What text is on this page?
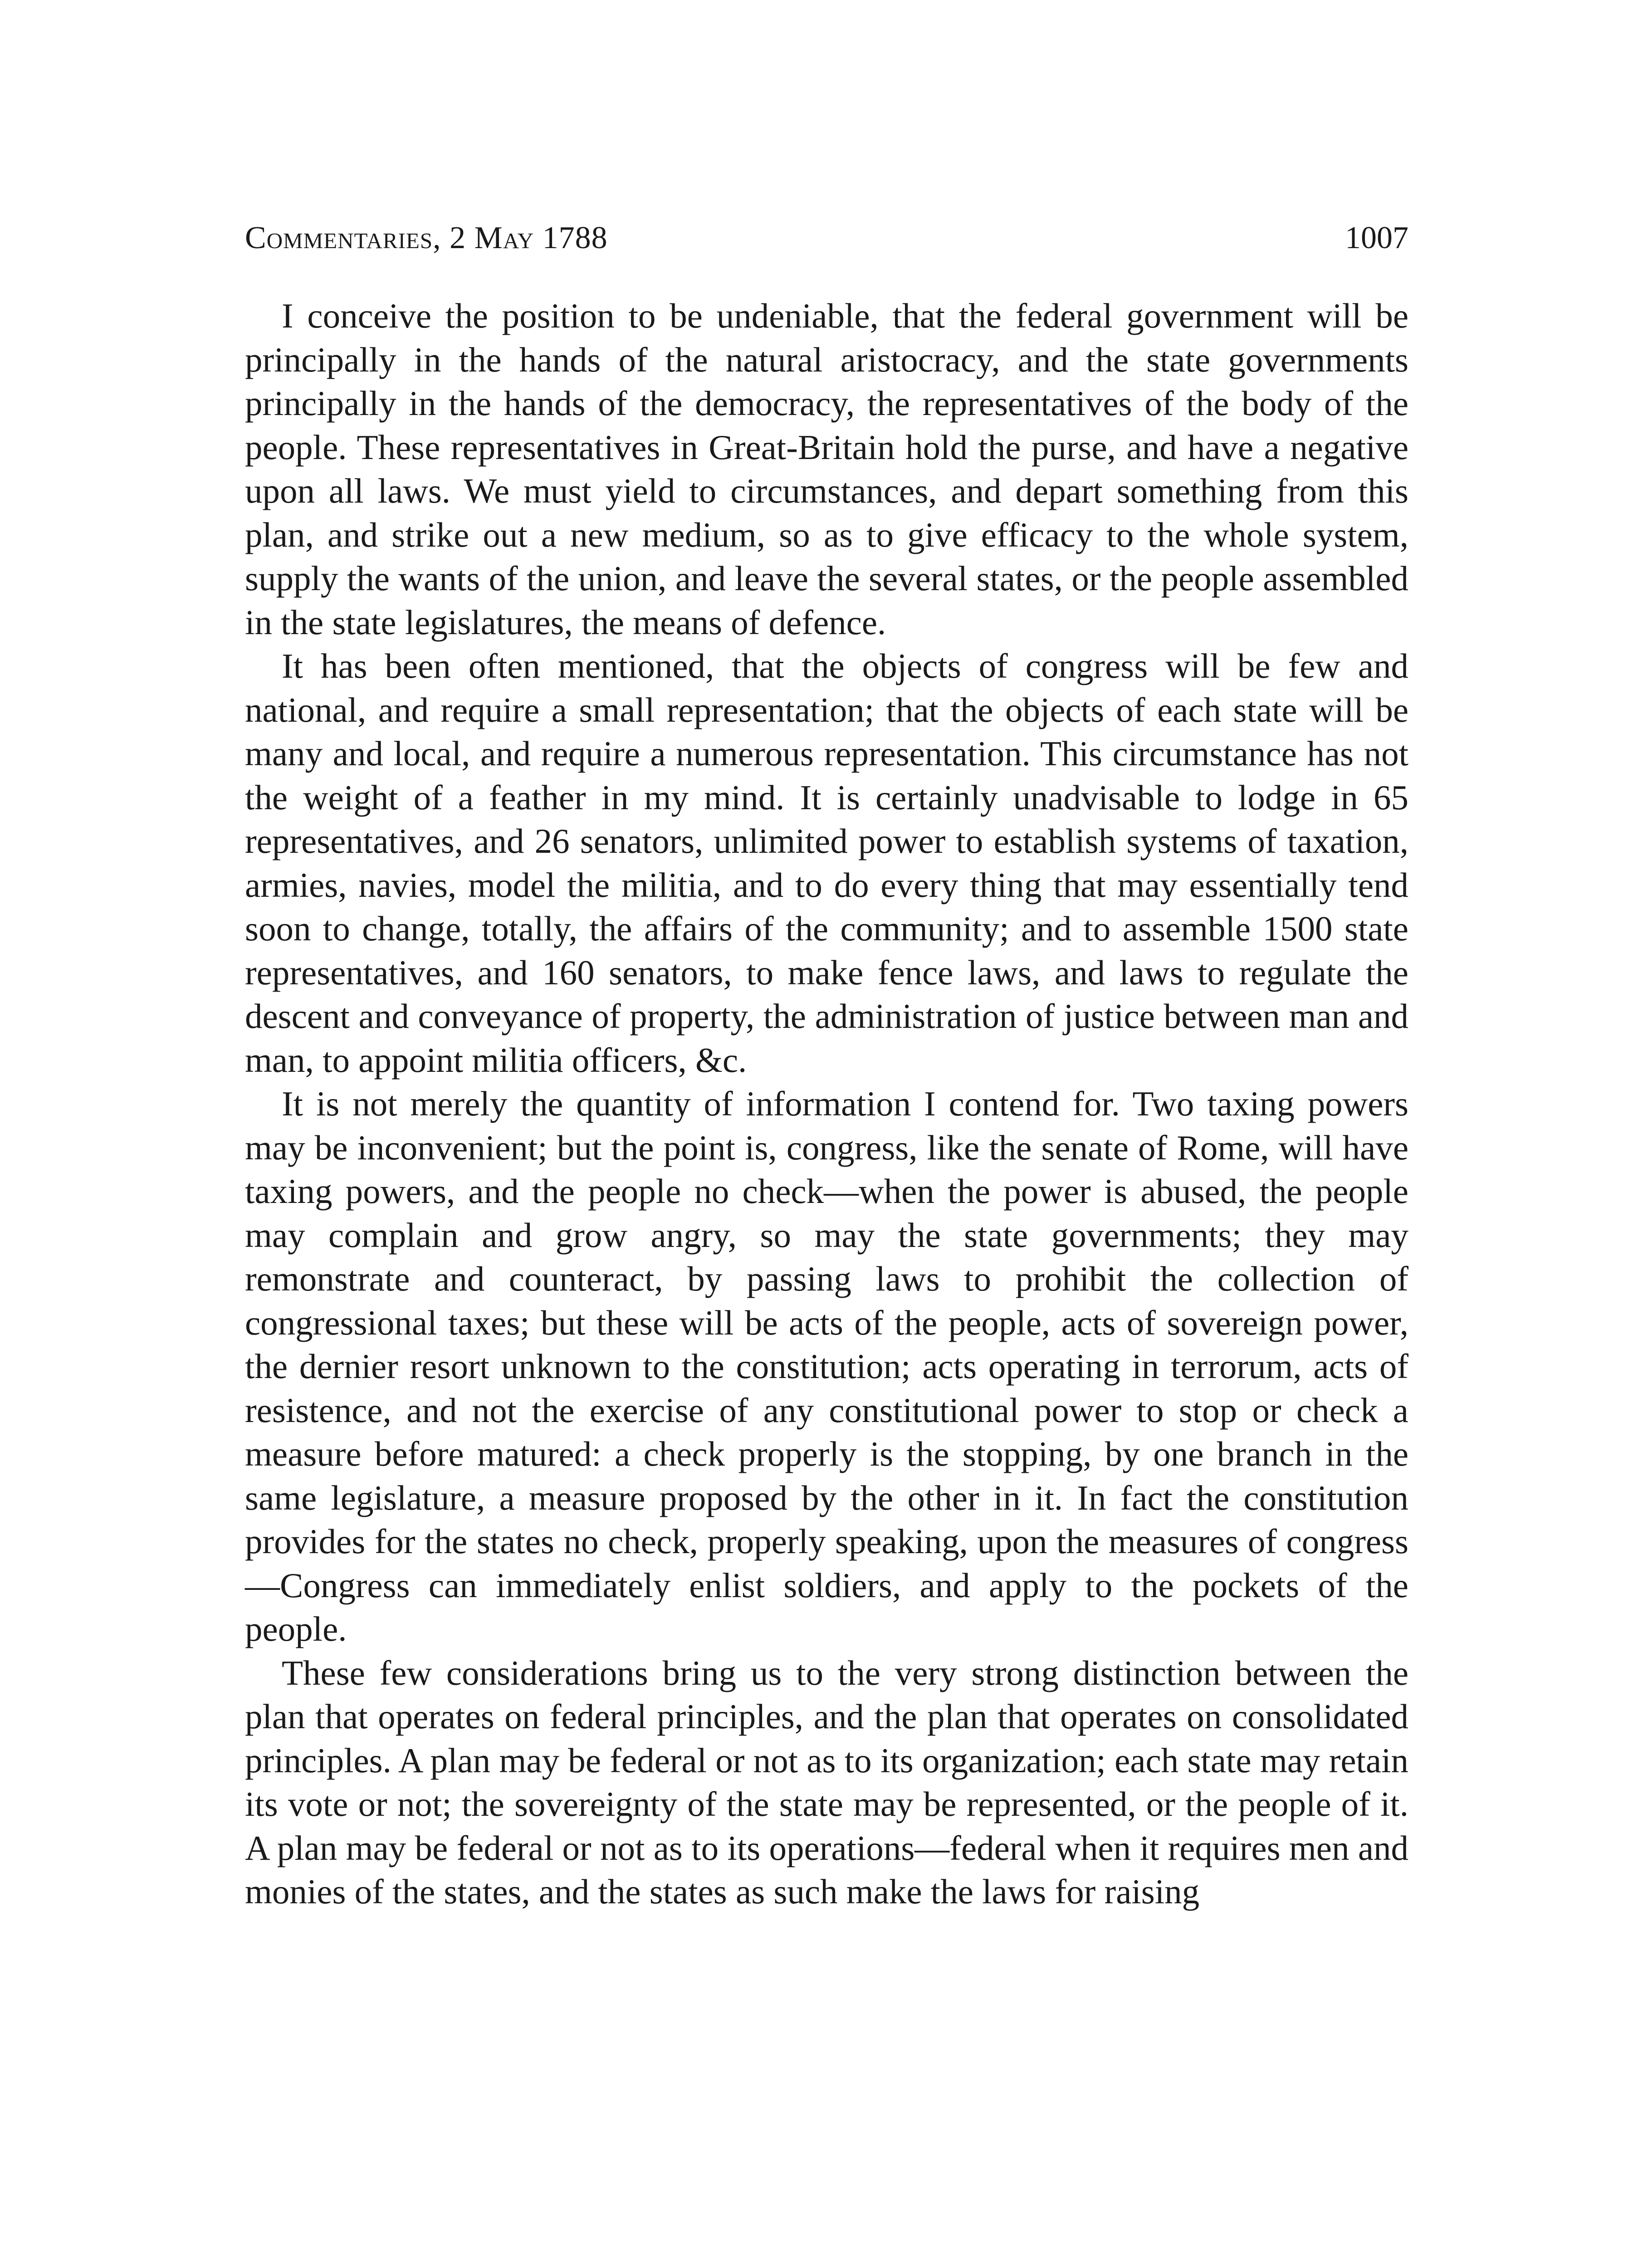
Commentaries, 2 May 1788	1007

I conceive the position to be undeniable, that the federal government will be principally in the hands of the natural aristocracy, and the state governments principally in the hands of the democracy, the representatives of the body of the people. These representatives in Great-Britain hold the purse, and have a negative upon all laws. We must yield to circumstances, and depart something from this plan, and strike out a new medium, so as to give efficacy to the whole system, supply the wants of the union, and leave the several states, or the people assembled in the state legislatures, the means of defence.

It has been often mentioned, that the objects of congress will be few and national, and require a small representation; that the objects of each state will be many and local, and require a numerous representation. This circumstance has not the weight of a feather in my mind. It is certainly unadvisable to lodge in 65 representatives, and 26 senators, unlimited power to establish systems of taxation, armies, navies, model the militia, and to do every thing that may essentially tend soon to change, totally, the affairs of the community; and to assemble 1500 state representatives, and 160 senators, to make fence laws, and laws to regulate the descent and conveyance of property, the administration of justice between man and man, to appoint militia officers, &c.

It is not merely the quantity of information I contend for. Two taxing powers may be inconvenient; but the point is, congress, like the senate of Rome, will have taxing powers, and the people no check—when the power is abused, the people may complain and grow angry, so may the state governments; they may remonstrate and counteract, by passing laws to prohibit the collection of congressional taxes; but these will be acts of the people, acts of sovereign power, the dernier resort unknown to the constitution; acts operating in terrorum, acts of resistence, and not the exercise of any constitutional power to stop or check a measure before matured: a check properly is the stopping, by one branch in the same legislature, a measure proposed by the other in it. In fact the constitution provides for the states no check, properly speaking, upon the measures of congress—Congress can immediately enlist soldiers, and apply to the pockets of the people.

These few considerations bring us to the very strong distinction between the plan that operates on federal principles, and the plan that operates on consolidated principles. A plan may be federal or not as to its organization; each state may retain its vote or not; the sovereignty of the state may be represented, or the people of it. A plan may be federal or not as to its operations—federal when it requires men and monies of the states, and the states as such make the laws for raising
